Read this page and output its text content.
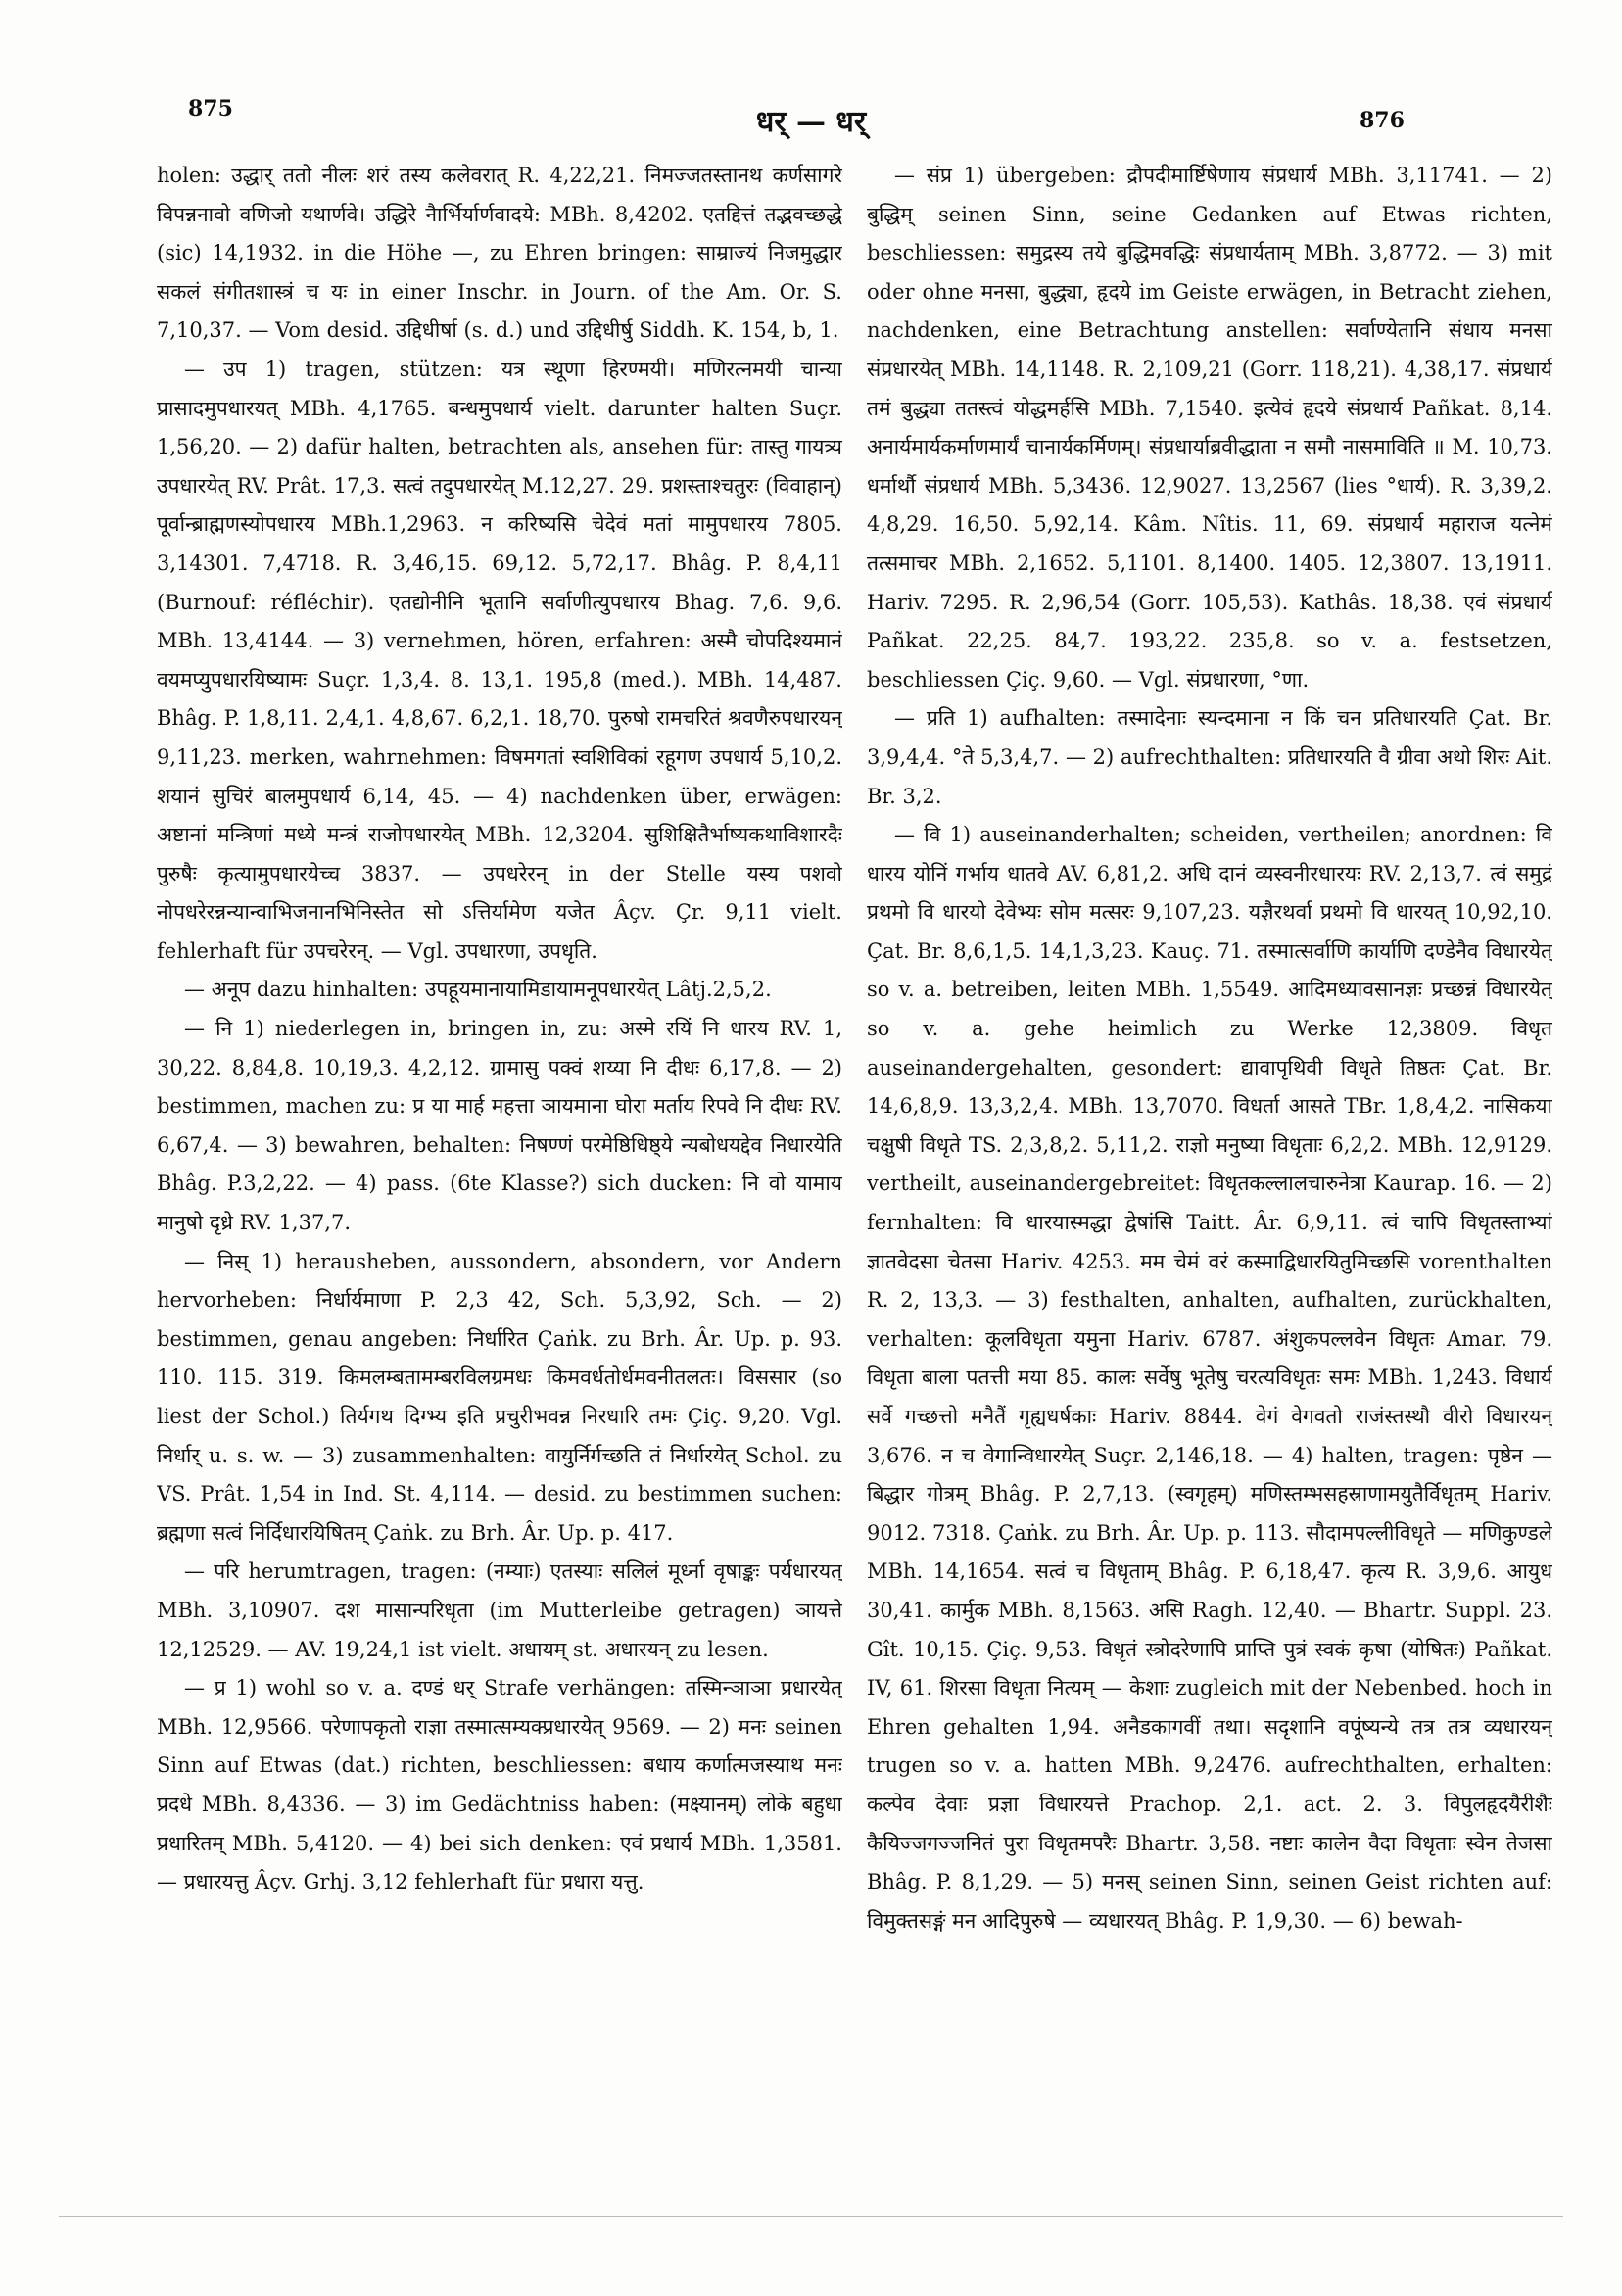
875	धर् — धर्	876

holen: उद्धार् ततो नीलः शरं तस्य कलेवरात् R. 4,22,21. निमज्जतस्तानथ कर्णसागरे विपन्ननावो वणिजो यथार्णवे। उद्धिरे नैार्भिर्यार्णवादये: MBh. 8,4202. एतद्दित्तं तद्भवच्छद्धे (sic) 14,1932. in die Höhe —, zu Ehren bringen: साम्राज्यं निजमुद्धार सकलं संगीतशास्त्रं च यः in einer Inschr. in Journ. of the Am. Or. S. 7,10,37. — Vom desid. उद्दिधीर्षा (s. d.) und उद्दिधीर्षु Siddh. K. 154, b, 1.

— उप 1) tragen, stützen: यत्र स्थूणा हिरण्मयी। मणिरत्नमयी चान्या प्रासादमुपधारयत् MBh. 4,1765. बन्धमुपधार्य vielt. darunter halten Suçr. 1,56,20. — 2) dafür halten, betrachten als, ansehen für: तास्तु गायत्र्य उपधारयेत् RV. Prât. 17,3. सत्वं तदुपधारयेत् M.12,27. 29. प्रशस्ताश्चतुरः (विवाहान्) पूर्वान्ब्राह्मणस्योपधारय MBh.1,2963. न करिष्यसि चेदेवं मतां मामुपधारय 7805. 3,14301. 7,4718. R. 3,46,15. 69,12. 5,72,17. Bhâg. P. 8,4,11 (Burnouf: réfléchir). एतद्योनीनि भूतानि सर्वाणीत्युपधारय Bhag. 7,6. 9,6. MBh. 13,4144. — 3) vernehmen, hören, erfahren: अस्मै चोपदिश्यमानं वयमप्युपधारयिष्यामः Suçr. 1,3,4. 8. 13,1. 195,8 (med.). MBh. 14,487. Bhâg. P. 1,8,11. 2,4,1. 4,8,67. 6,2,1. 18,70. पुरुषो रामचरितं श्रवणैरुपधारयन् 9,11,23. merken, wahrnehmen: विषमगतां स्वशिविकां रहूगण उपधार्य 5,10,2. शयानं सुचिरं बालमुपधार्य 6,14, 45. — 4) nachdenken über, erwägen: अष्टानां मन्त्रिणां मध्ये मन्त्रं राजोपधारयेत् MBh. 12,3204. सुशिक्षितैर्भाष्यकथाविशारदैः पुरुषैः कृत्यामुपधारयेच्च 3837. — उपधरेरन् in der Stelle यस्य पशवो नोपधरेरन्नन्यान्वाभिजनानभिनिस्तेत सो ऽत्तिर्यामेण यजेत Âçv. Çr. 9,11 vielt. fehlerhaft für उपचरेरन्. — Vgl. उपधारणा, उपधृति.

— अनूप dazu hinhalten: उपहूयमानायामिडायामनूपधारयेत् Lâtj.2,5,2.

— नि 1) niederlegen in, bringen in, zu: अस्मे रयिं नि धारय RV. 1, 30,22. 8,84,8. 10,19,3. 4,2,12. ग्रामासु पक्वं शय्या नि दीधः 6,17,8. — 2) bestimmen, machen zu: प्र या मार्ह महत्ता ञायमाना घोरा मर्ताय रिपवे नि दीधः RV. 6,67,4. — 3) bewahren, behalten: निषण्णं परमेष्ठिधिष्ठ्ये न्यबोधयद्देव निधारयेति Bhâg. P.3,2,22. — 4) pass. (6te Klasse?) sich ducken: नि वो यामाय मानुषो दृध्रे RV. 1,37,7.

— निस् 1) herausheben, aussondern, absondern, vor Andern hervorheben: निर्धार्यमाणा P. 2,3 42, Sch. 5,3,92, Sch. — 2) bestimmen, genau angeben: निर्धारित Çaṅk. zu Brh. Âr. Up. p. 93. 110. 115. 319. किमलम्बतामम्बरविलग्रमधः किमवर्धतोर्धमवनीतलतः। विससार (so liest der Schol.) तिर्यगथ दिग्भ्य इति प्रचुरीभवन्न निरधारि तमः Çiç. 9,20. Vgl. निर्धार् u. s. w. — 3) zusammenhalten: वायुर्निर्गच्छति तं निर्धारयेत् Schol. zu VS. Prât. 1,54 in Ind. St. 4,114. — desid. zu bestimmen suchen: ब्रह्मणा सत्वं निर्दिधारयिषितम् Çaṅk. zu Brh. Âr. Up. p. 417.

— परि herumtragen, tragen: (नम्याः) एतस्याः सलिलं मूर्ध्ना वृषाङ्कः पर्यधारयत् MBh. 3,10907. दश मासान्परिधृता (im Mutterleibe getragen) ञायत्ते 12,12529. — AV. 19,24,1 ist vielt. अधायम् st. अधारयन् zu lesen.

— प्र 1) wohl so v. a. दण्डं धर् Strafe verhängen: तस्मिन्ञाञा प्रधारयेत् MBh. 12,9566. परेणापकृतो राज्ञा तस्मात्सम्यक्प्रधारयेत् 9569. — 2) मनः seinen Sinn auf Etwas (dat.) richten, beschliessen: बधाय कर्णात्मजस्याथ मनः प्रदधे MBh. 8,4336. — 3) im Gedächtniss haben: (मक्ष्यानम्) लोके बहुधा प्रधारितम् MBh. 5,4120. — 4) bei sich denken: एवं प्रधार्य MBh. 1,3581. — प्रधारयत्तु Âçv. Grhj. 3,12 fehlerhaft für प्रधारा यत्तु.

— संप्र 1) übergeben: द्रौपदीमार्ष्टिषेणाय संप्रधार्य MBh. 3,11741. — 2) बुद्धिम् seinen Sinn, seine Gedanken auf Etwas richten, beschliessen: समुद्रस्य तये बुद्धिमवद्धिः संप्रधार्यताम् MBh. 3,8772. — 3) mit oder ohne मनसा, बुद्ध्या, हृदये im Geiste erwägen, in Betracht ziehen, nachdenken, eine Betrachtung anstellen: सर्वाण्येतानि संधाय मनसा संप्रधारयेत् MBh. 14,1148. R. 2,109,21 (Gorr. 118,21). 4,38,17. संप्रधार्य तमं बुद्ध्या ततस्त्वं योद्धमर्हसि MBh. 7,1540. इत्येवं हृदये संप्रधार्य Pañkat. 8,14. अनार्यमार्यकर्माणमार्यं चानार्यकर्मिणम्। संप्रधार्याब्रवीद्धाता न समौ नासमाविति ॥ M. 10,73. धर्मार्थौ संप्रधार्य MBh. 5,3436. 12,9027. 13,2567 (lies °धार्य). R. 3,39,2. 4,8,29. 16,50. 5,92,14. Kâm. Nîtis. 11, 69. संप्रधार्य महाराज यत्नेमं तत्समाचर MBh. 2,1652. 5,1101. 8,1400. 1405. 12,3807. 13,1911. Hariv. 7295. R. 2,96,54 (Gorr. 105,53). Kathâs. 18,38. एवं संप्रधार्य Pañkat. 22,25. 84,7. 193,22. 235,8. so v. a. festsetzen, beschliessen Çiç. 9,60. — Vgl. संप्रधारणा, °णा.

— प्रति 1) aufhalten: तस्मादेनाः स्यन्दमाना न किं चन प्रतिधारयति Çat. Br. 3,9,4,4. °ते 5,3,4,7. — 2) aufrechthalten: प्रतिधारयति वै ग्रीवा अथो शिरः Ait. Br. 3,2.

— वि 1) auseinanderhalten; scheiden, vertheilen; anordnen: वि धारय योनिं गर्भाय धातवे AV. 6,81,2. अधि दानं व्यस्वनीरधारयः RV. 2,13,7. त्वं समुद्रं प्रथमो वि धारयो देवेभ्यः सोम मत्सरः 9,107,23. यज्ञैरथर्वा प्रथमो वि धारयत् 10,92,10. Çat. Br. 8,6,1,5. 14,1,3,23. Kauç. 71. तस्मात्सर्वाणि कार्याणि दण्डेनैव विधारयेत् so v. a. betreiben, leiten MBh. 1,5549. आदिमध्यावसानज्ञः प्रच्छन्नं विधारयेत् so v. a. gehe heimlich zu Werke 12,3809. विधृत auseinandergehalten, gesondert: द्यावापृथिवी विधृते तिष्ठतः Çat. Br. 14,6,8,9. 13,3,2,4. MBh. 13,7070. विधर्ता आसते TBr. 1,8,4,2. नासिकया चक्षुषी विधृते TS. 2,3,8,2. 5,11,2. राज्ञो मनुष्या विधृताः 6,2,2. MBh. 12,9129. vertheilt, auseinandergebreitet: विधृतकल्लालचारुनेत्रा Kaurap. 16. — 2) fernhalten: वि धारयास्मद्धा द्वेषांसि Taitt. Âr. 6,9,11. त्वं चापि विधृतस्ताभ्यां ज्ञातवेदसा चेतसा Hariv. 4253. मम चेमं वरं कस्माद्विधारयितुमिच्छसि vorenthalten R. 2, 13,3. — 3) festhalten, anhalten, aufhalten, zurückhalten, verhalten: कूलविधृता यमुना Hariv. 6787. अंशुकपल्लवेन विधृतः Amar. 79. विधृता बाला पतत्ती मया 85. कालः सर्वेषु भूतेषु चरत्यविधृतः समः MBh. 1,243. विधार्य सर्वे गच्छत्तो मनैतैं गृह्यधर्षकाः Hariv. 8844. वेगं वेगवतो राजंस्तस्थौ वीरो विधारयन् 3,676. न च वेगान्विधारयेत् Suçr. 2,146,18. — 4) halten, tragen: पृष्ठेन — बिद्धार गोत्रम् Bhâg. P. 2,7,13. (स्वगृहम्) मणिस्तम्भसहस्राणामयुतैर्विधृतम् Hariv. 9012. 7318. Çaṅk. zu Brh. Âr. Up. p. 113. सौदामपल्लीविधृते — मणिकुण्डले MBh. 14,1654. सत्वं च विधृताम् Bhâg. P. 6,18,47. कृत्य R. 3,9,6. आयुध 30,41. कार्मुक MBh. 8,1563. असि Ragh. 12,40. — Bhartr. Suppl. 23. Gît. 10,15. Çiç. 9,53. विधृतं स्त्रोदरेणापि प्राप्ति पुत्रं स्वकं कृषा (योषितः) Pañkat. IV, 61. शिरसा विधृता नित्यम् — केशाः zugleich mit der Nebenbed. hoch in Ehren gehalten 1,94. अनैडकागवीं तथा। सदृशानि वपूंष्यन्ये तत्र तत्र व्यधारयन् trugen so v. a. hatten MBh. 9,2476. aufrechthalten, erhalten: कल्पेव देवाः प्रज्ञा विधारयत्ते Prachop. 2,1. act. 2. 3. विपुलहृदयैरीशैः कैयिज्जगज्जनितं पुरा विधृतमपरैः Bhartr. 3,58. नष्टाः कालेन वैदा विधृताः स्वेन तेजसा Bhâg. P. 8,1,29. — 5) मनस् seinen Sinn, seinen Geist richten auf: विमुक्तसङ्गं मन आदिपुरुषे — व्यधारयत् Bhâg. P. 1,9,30. — 6) bewah-
